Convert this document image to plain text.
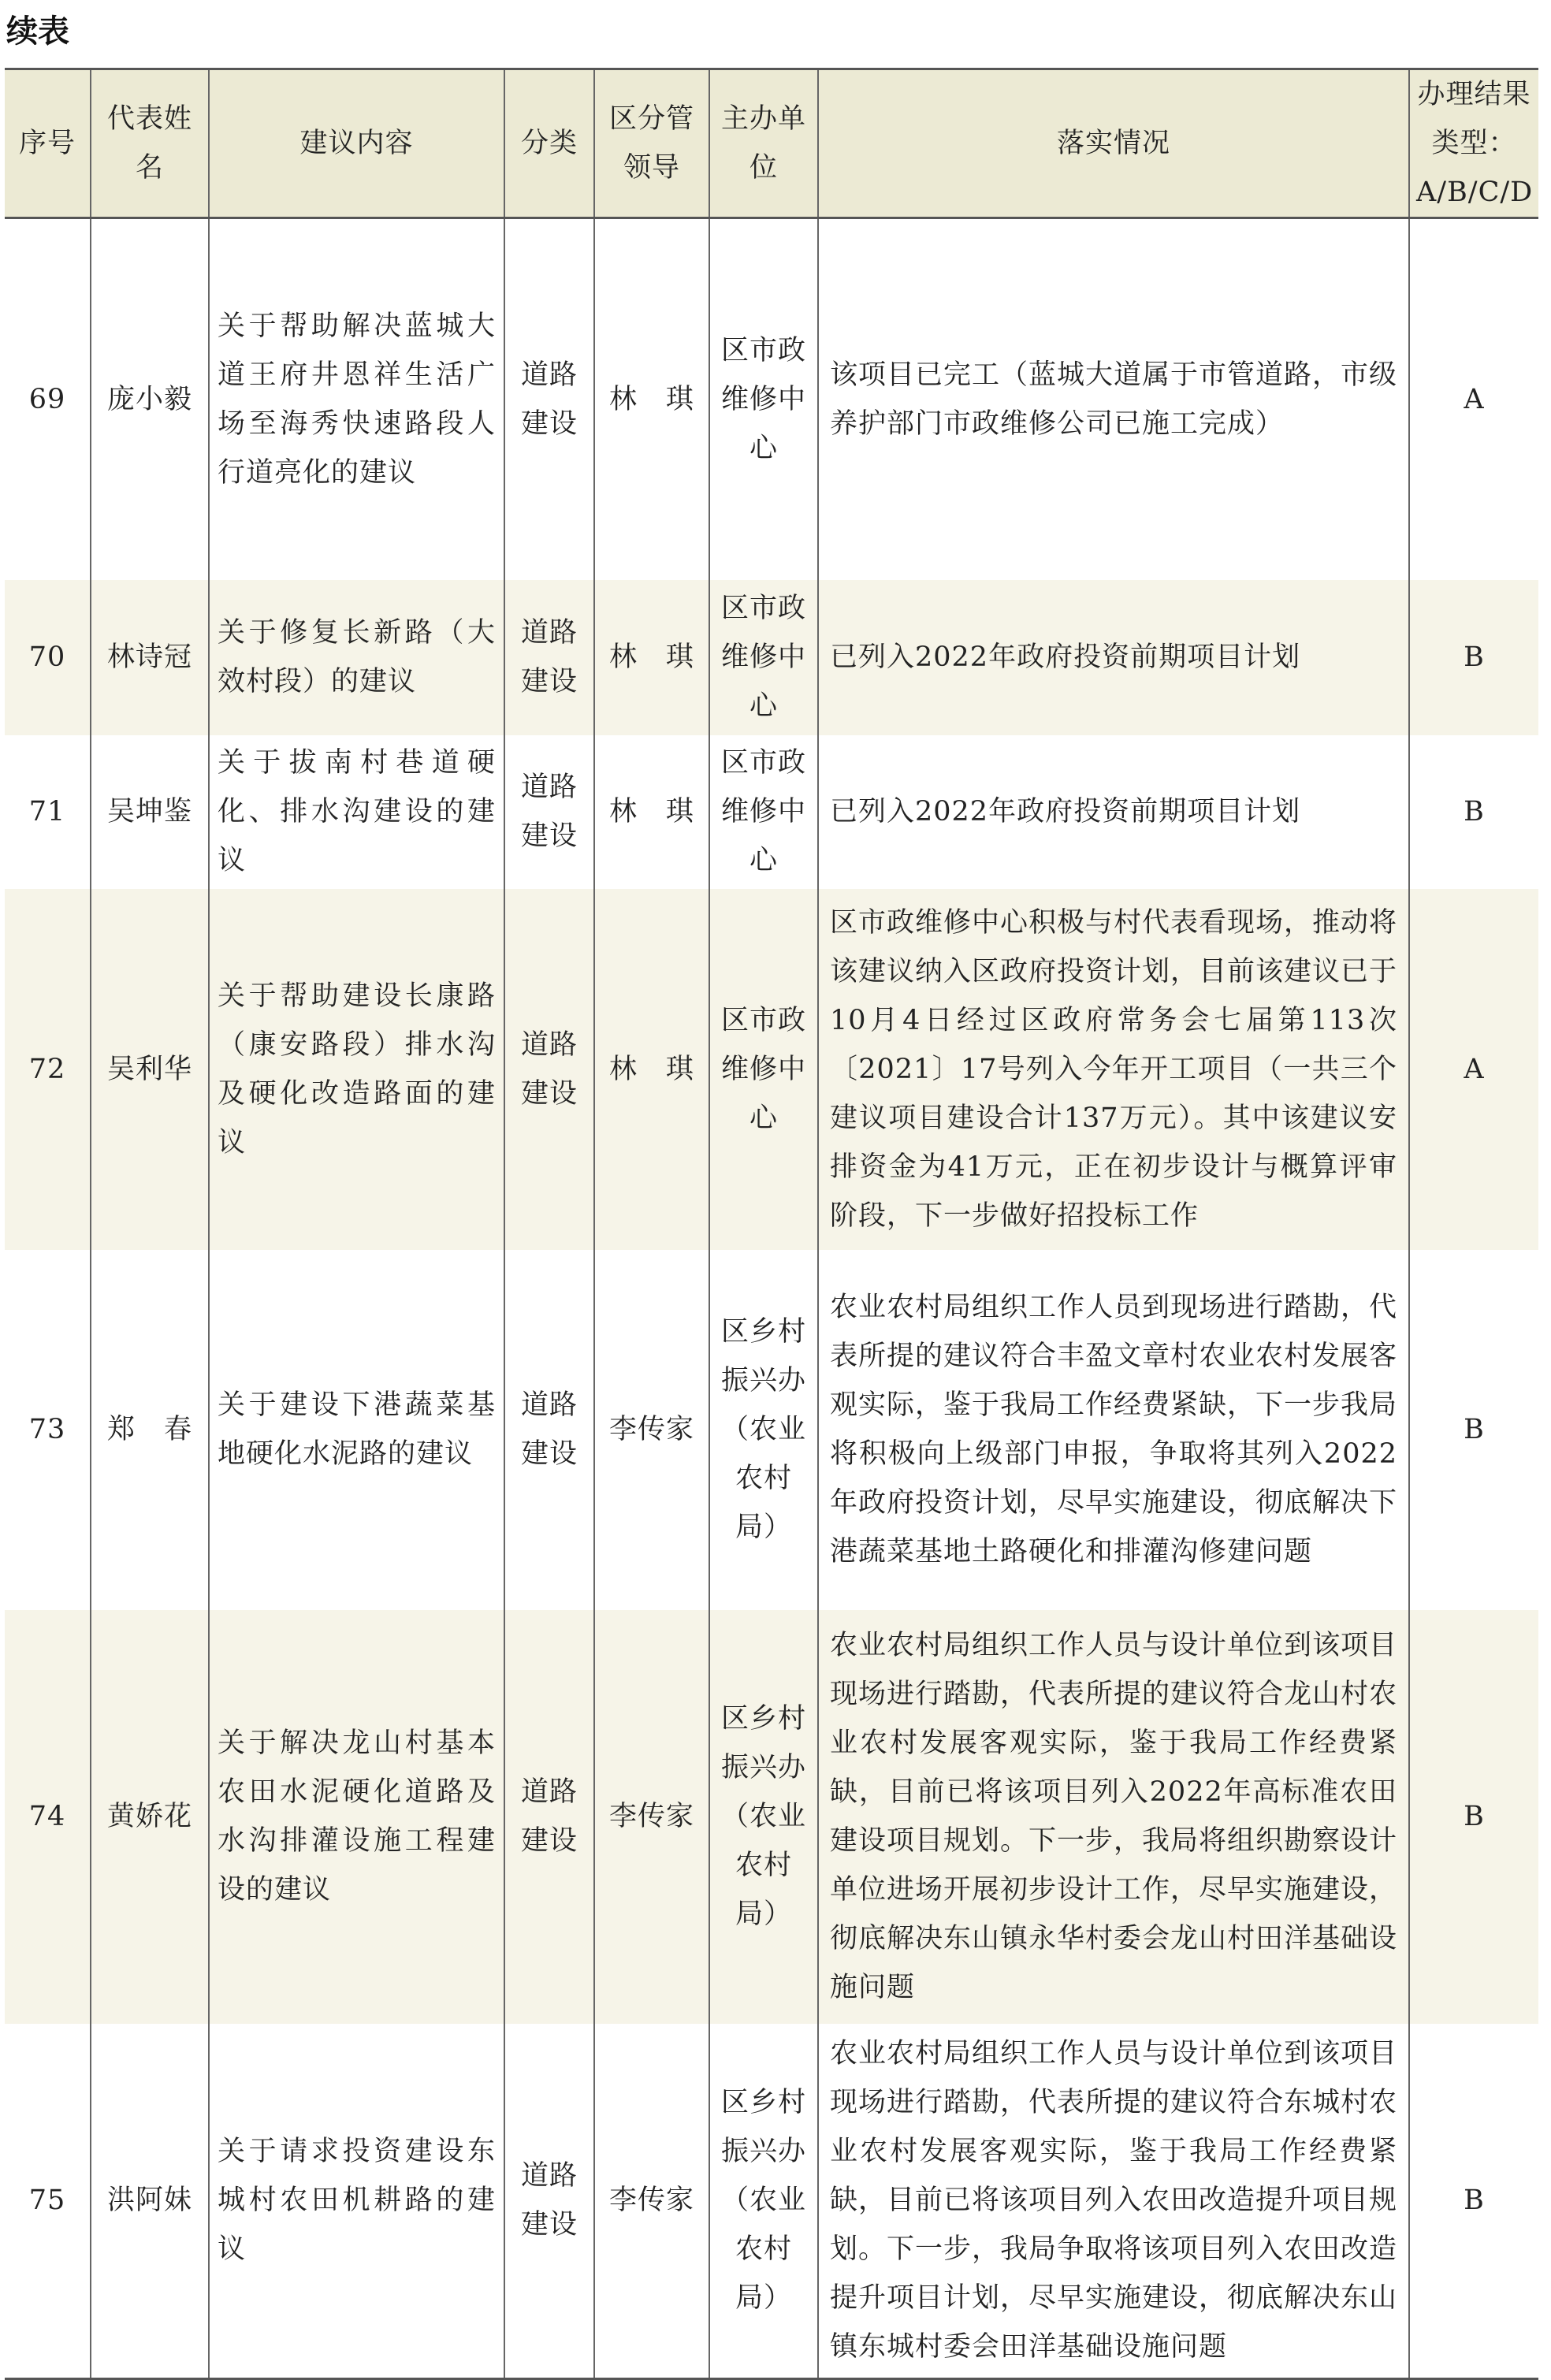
续表
序号	代表姓名	建议内容	分类	区分管领导	主办单位	落实情况	办理结果类型：A/B/C/D
69	庞小毅	关于帮助解决蓝城大道王府井恩祥生活广场至海秀快速路段人行道亮化的建议	道路建设	林　琪	区市政维修中心	该项目已完工（蓝城大道属于市管道路，市级养护部门市政维修公司已施工完成）	A
70	林诗冠	关于修复长新路（大效村段）的建议	道路建设	林　琪	区市政维修中心	已列入2022年政府投资前期项目计划	B
71	吴坤鉴	关于拔南村巷道硬化、排水沟建设的建议	道路建设	林　琪	区市政维修中心	已列入2022年政府投资前期项目计划	B
72	吴利华	关于帮助建设长康路（康安路段）排水沟及硬化改造路面的建议	道路建设	林　琪	区市政维修中心	区市政维修中心积极与村代表看现场，推动将该建议纳入区政府投资计划，目前该建议已于10月4日经过区政府常务会七届第113次〔2021〕17号列入今年开工项目（一共三个建议项目建设合计137万元）。其中该建议安排资金为41万元，正在初步设计与概算评审阶段，下一步做好招投标工作	A
73	郑　春	关于建设下港蔬菜基地硬化水泥路的建议	道路建设	李传家	区乡村振兴办（农业农村局）	农业农村局组织工作人员到现场进行踏勘，代表所提的建议符合丰盈文章村农业农村发展客观实际，鉴于我局工作经费紧缺，下一步我局将积极向上级部门申报，争取将其列入2022年政府投资计划，尽早实施建设，彻底解决下港蔬菜基地土路硬化和排灌沟修建问题	B
74	黄娇花	关于解决龙山村基本农田水泥硬化道路及水沟排灌设施工程建设的建议	道路建设	李传家	区乡村振兴办（农业农村局）	农业农村局组织工作人员与设计单位到该项目现场进行踏勘，代表所提的建议符合龙山村农业农村发展客观实际，鉴于我局工作经费紧缺，目前已将该项目列入2022年高标准农田建设项目规划。下一步，我局将组织勘察设计单位进场开展初步设计工作，尽早实施建设，彻底解决东山镇永华村委会龙山村田洋基础设施问题	B
75	洪阿妹	关于请求投资建设东城村农田机耕路的建议	道路建设	李传家	区乡村振兴办（农业农村局）	农业农村局组织工作人员与设计单位到该项目现场进行踏勘，代表所提的建议符合东城村农业农村发展客观实际，鉴于我局工作经费紧缺，目前已将该项目列入农田改造提升项目规划。下一步，我局争取将该项目列入农田改造提升项目计划，尽早实施建设，彻底解决东山镇东城村委会田洋基础设施问题	B
